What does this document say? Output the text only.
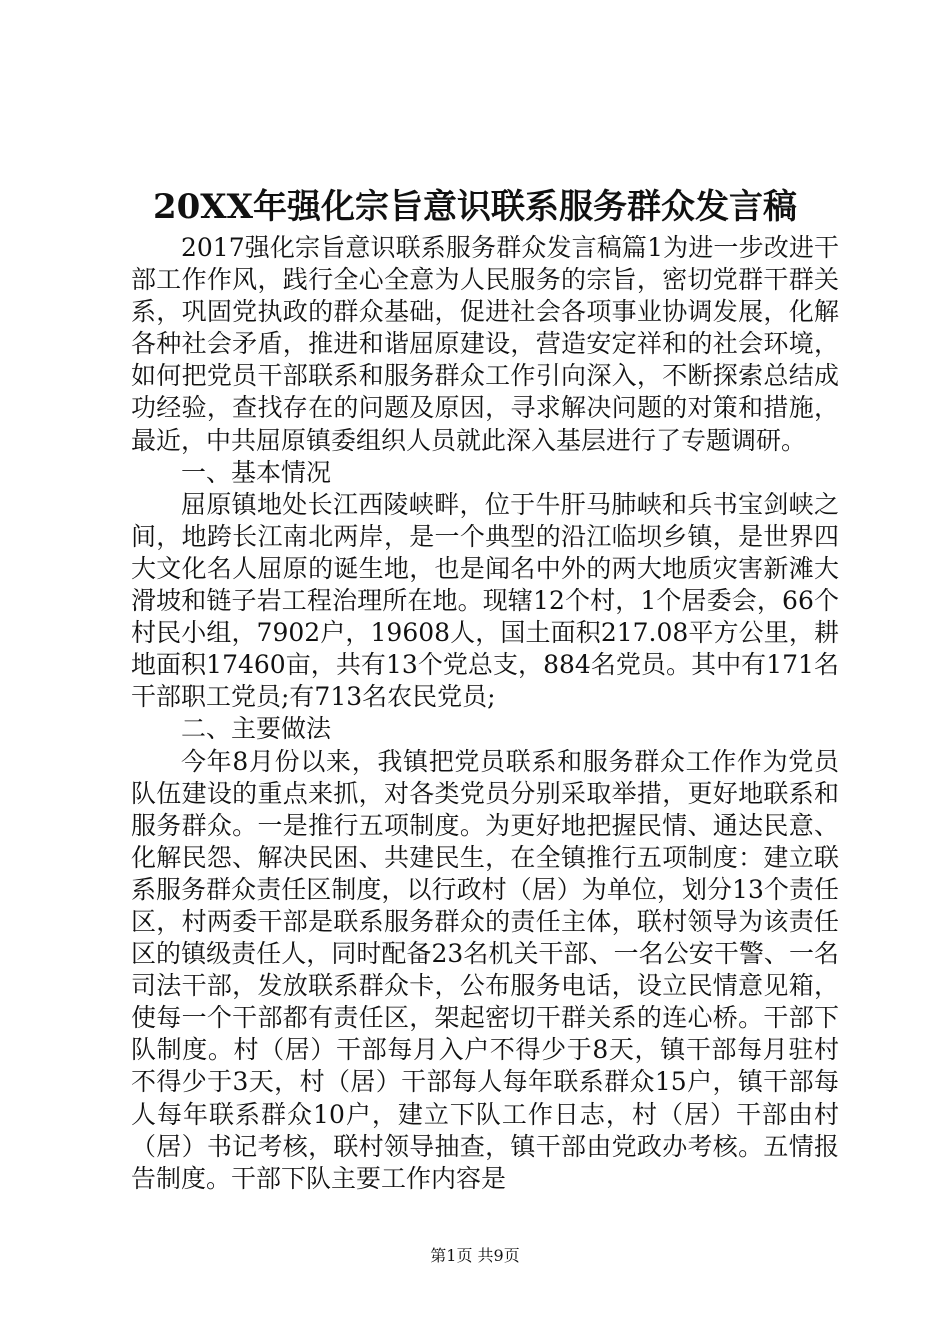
20XX年强化宗旨意识联系服务群众发言稿

2017强化宗旨意识联系服务群众发言稿篇1为进一步改进干部工作作风，践行全心全意为人民服务的宗旨，密切党群干群关系，巩固党执政的群众基础，促进社会各项事业协调发展，化解各种社会矛盾，推进和谐屈原建设，营造安定祥和的社会环境，如何把党员干部联系和服务群众工作引向深入，不断探索总结成功经验，查找存在的问题及原因，寻求解决问题的对策和措施，最近，中共屈原镇委组织人员就此深入基层进行了专题调研。

一、基本情况

屈原镇地处长江西陵峡畔，位于牛肝马肺峡和兵书宝剑峡之间，地跨长江南北两岸，是一个典型的沿江临坝乡镇，是世界四大文化名人屈原的诞生地，也是闻名中外的两大地质灾害新滩大滑坡和链子岩工程治理所在地。现辖12个村，1个居委会，66个村民小组，7902户，19608人，国土面积217.08平方公里，耕地面积17460亩，共有13个党总支，884名党员。其中有171名干部职工党员;有713名农民党员;

二、主要做法

今年8月份以来，我镇把党员联系和服务群众工作作为党员队伍建设的重点来抓，对各类党员分别采取举措，更好地联系和服务群众。一是推行五项制度。为更好地把握民情、通达民意、化解民怨、解决民困、共建民生，在全镇推行五项制度：建立联系服务群众责任区制度，以行政村（居）为单位，划分13个责任区，村两委干部是联系服务群众的责任主体，联村领导为该责任区的镇级责任人，同时配备23名机关干部、一名公安干警、一名司法干部，发放联系群众卡，公布服务电话，设立民情意见箱，使每一个干部都有责任区，架起密切干群关系的连心桥。干部下队制度。村（居）干部每月入户不得少于8天，镇干部每月驻村不得少于3天，村（居）干部每人每年联系群众15户，镇干部每人每年联系群众10户，建立下队工作日志，村（居）干部由村（居）书记考核，联村领导抽查，镇干部由党政办考核。五情报告制度。干部下队主要工作内容是

第1页 共9页
